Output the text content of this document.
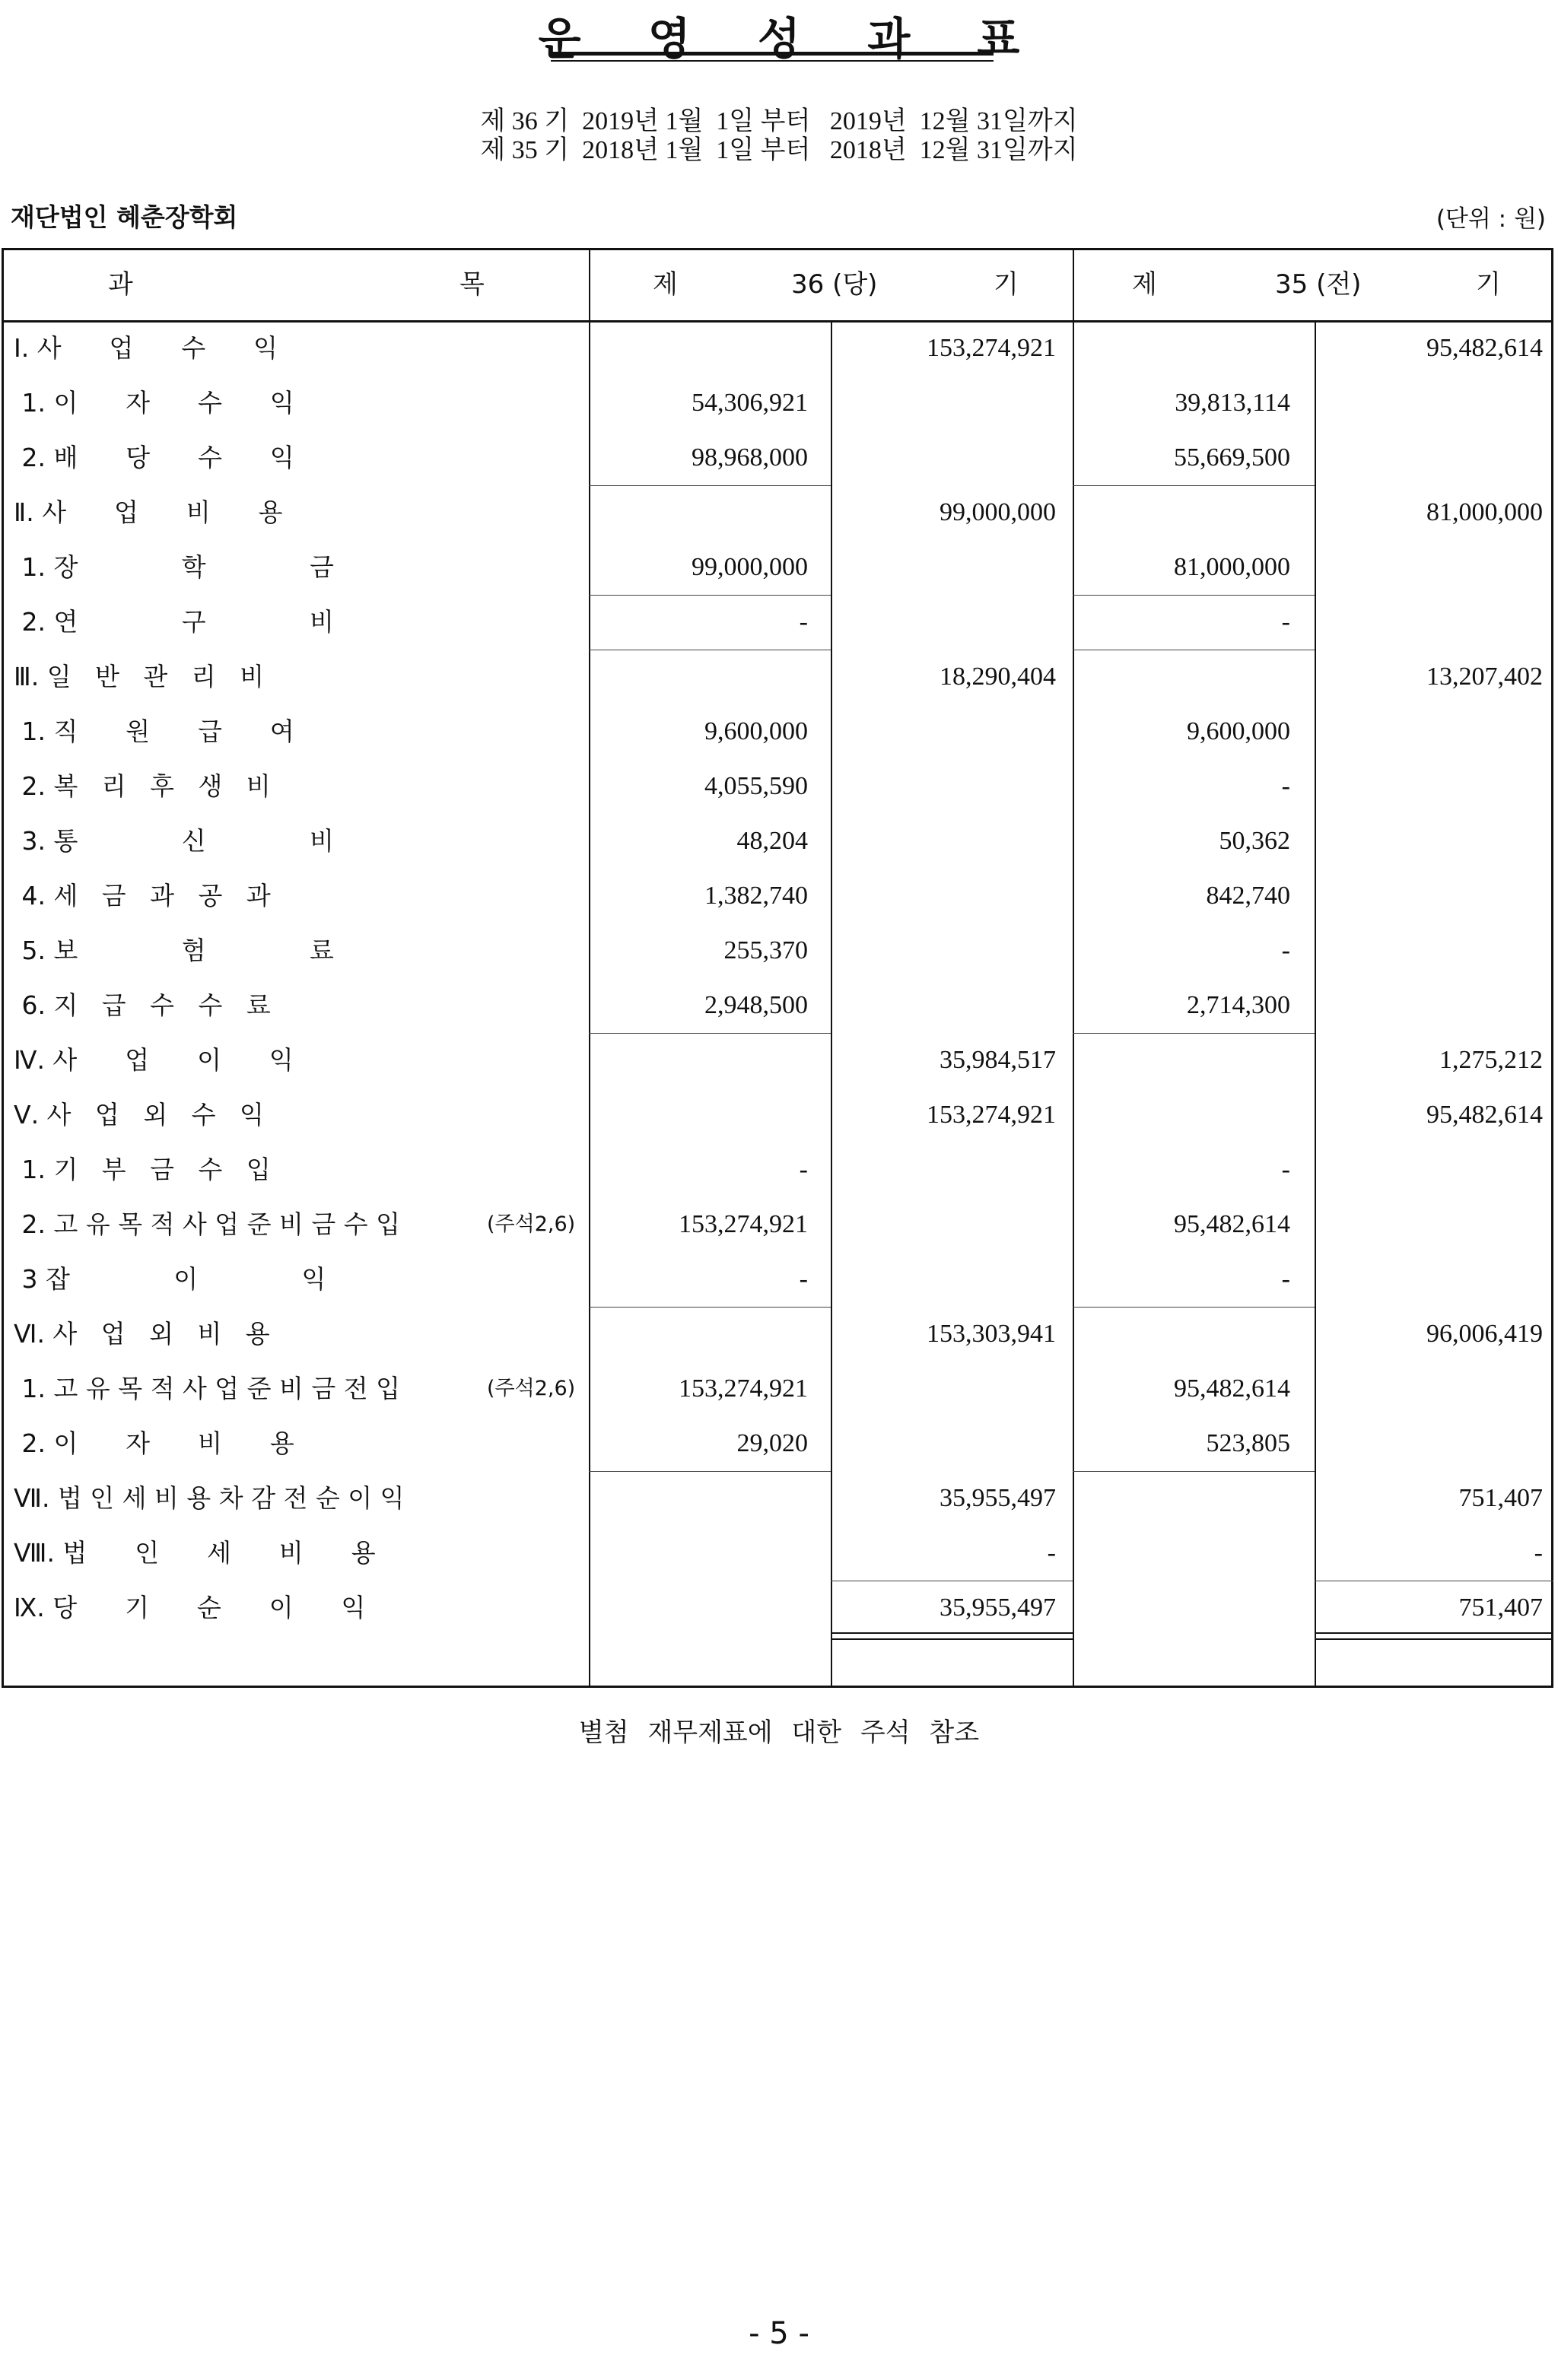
운 영 성 과 표
제 36 기  2019년 1월  1일 부터   2019년  12월 31일까지
제 35 기  2018년 1월  1일 부터   2018년  12월 31일까지
재단법인 혜춘장학회	(단위 : 원)
과	목	제	36 (당)	기	제	35 (전)	기
Ⅰ. 사      업      수      익	153,274,921	95,482,614
1. 이      자      수      익	54,306,921	39,813,114
2. 배      당      수      익	98,968,000	55,669,500
Ⅱ. 사      업      비      용	99,000,000	81,000,000
1. 장             학             금	99,000,000	81,000,000
2. 연             구             비	-	-
Ⅲ. 일   반   관   리   비	18,290,404	13,207,402
1. 직      원      급      여	9,600,000	9,600,000
2. 복   리   후   생   비	4,055,590	-
3. 통             신             비	48,204	50,362
4. 세   금   과   공   과	1,382,740	842,740
5. 보             험             료	255,370	-
6. 지   급   수   수   료	2,948,500	2,714,300
Ⅳ. 사      업      이      익	35,984,517	1,275,212
Ⅴ. 사   업   외   수   익	153,274,921	95,482,614
1. 기   부   금   수   입	-	-
2. 고 유 목 적 사 업 준 비 금 수 입	(주석2,6)	153,274,921	95,482,614
3 잡             이             익	-	-
Ⅵ. 사   업   외   비   용	153,303,941	96,006,419
1. 고 유 목 적 사 업 준 비 금 전 입	(주석2,6)	153,274,921	95,482,614
2. 이      자      비      용	29,020	523,805
Ⅶ. 법 인 세 비 용 차 감 전 순 이 익	35,955,497	751,407
Ⅷ. 법      인      세      비      용	-	-
Ⅸ. 당      기      순      이      익	35,955,497	751,407
별첨 재무제표에 대한 주석 참조
- 5 -
